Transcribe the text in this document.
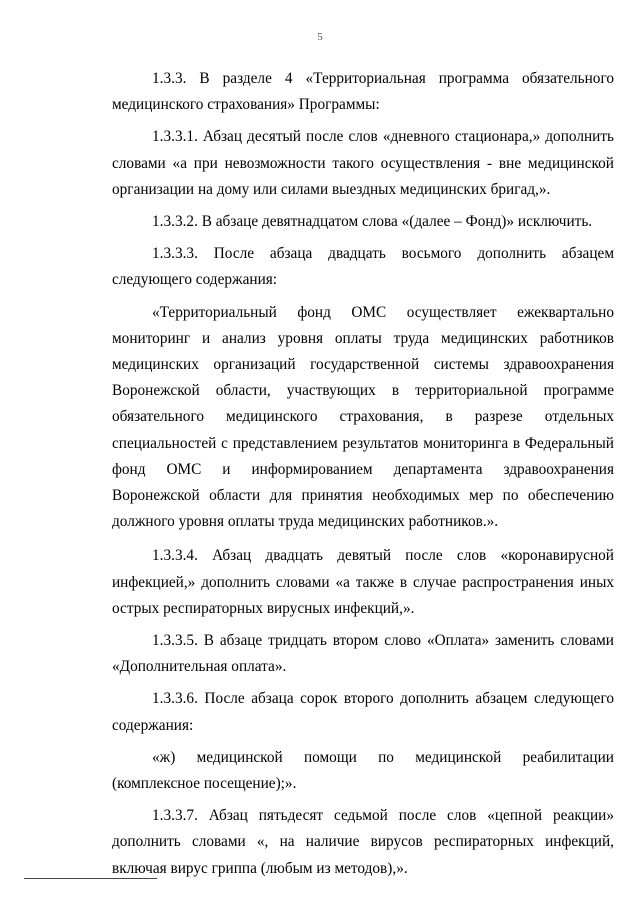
5

1.3.3. В разделе 4 «Территориальная программа обязательного медицинского страхования» Программы:

1.3.3.1. Абзац десятый после слов «дневного стационара,» дополнить словами «а при невозможности такого осуществления - вне медицинской организации на дому или силами выездных медицинских бригад,».

1.3.3.2. В абзаце девятнадцатом слова «(далее – Фонд)» исключить.

1.3.3.3. После абзаца двадцать восьмого дополнить абзацем следующего содержания:

«Территориальный фонд ОМС осуществляет ежеквартально мониторинг и анализ уровня оплаты труда медицинских работников медицинских организаций государственной системы здравоохранения Воронежской области, участвующих в территориальной программе обязательного медицинского страхования, в разрезе отдельных специальностей с представлением результатов мониторинга в Федеральный фонд ОМС и информированием департамента здравоохранения Воронежской области для принятия необходимых мер по обеспечению должного уровня оплаты труда медицинских работников.».

1.3.3.4. Абзац двадцать девятый после слов «коронавирусной инфекцией,» дополнить словами «а также в случае распространения иных острых респираторных вирусных инфекций,».

1.3.3.5. В абзаце тридцать втором слово «Оплата» заменить словами «Дополнительная оплата».

1.3.3.6. После абзаца сорок второго дополнить абзацем следующего содержания:

«ж) медицинской помощи по медицинской реабилитации (комплексное посещение);».

1.3.3.7. Абзац пятьдесят седьмой после слов «цепной реакции» дополнить словами «, на наличие вирусов респираторных инфекций, включая вирус гриппа (любым из методов),».
